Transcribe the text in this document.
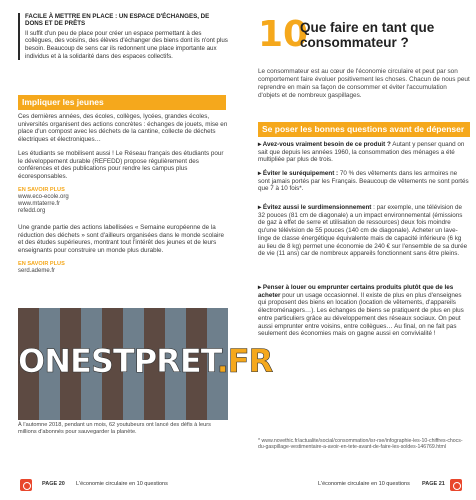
FACILE À METTRE EN PLACE : UN ESPACE D'ÉCHANGES, DE DONS ET DE PRÊTS

Il suffit d'un peu de place pour créer un espace permettant à des collègues, des voisins, des élèves d'échanger des biens dont ils n'ont plus besoin. Beaucoup de sens car ils redonnent une place importante aux individus et à la solidarité dans des espaces collectifs.

Impliquer les jeunes

Ces dernières années, des écoles, collèges, lycées, grandes écoles, universités organisent des actions concrètes : échanges de jouets, mise en place d'un compost avec les déchets de la cantine, collecte de déchets électriques et électroniques…

Les étudiants se mobilisent aussi ! Le Réseau français des étudiants pour le développement durable (REFEDD) propose régulièrement des conférences et des publications pour rendre les campus plus écoresponsables.

EN SAVOIR PLUS
www.eco-ecole.org
www.mtaterre.fr
refedd.org

Une grande partie des actions labellisées « Semaine européenne de la réduction des déchets » sont d'ailleurs organisées dans le monde scolaire et des études supérieures, montrant tout l'intérêt des jeunes et de leurs enseignants pour construire un monde plus durable.

EN SAVOIR PLUS
serd.ademe.fr
ONESTPRET.FR
À l'automne 2018, pendant un mois, 62 youtubeurs ont lancé des défis à leurs millions d'abonnés pour sauvegarder la planète.
PAGE 20 L'économie circulaire en 10 questions
10
Que faire en tant que consommateur ?

Le consommateur est au cœur de l'économie circulaire et peut par son comportement faire évoluer positivement les choses. Chacun de nous peut reprendre en main sa façon de consommer et éviter l'accumulation d'objets et de nombreux gaspillages.

Se poser les bonnes questions avant de dépenser
▸ Avez-vous vraiment besoin de ce produit ? Autant y penser quand on sait que depuis les années 1960, la consommation des ménages a été multipliée par plus de trois.
▸ Éviter le suréquipement : 70 % des vêtements dans les armoires ne sont jamais portés par les Français. Beaucoup de vêtements ne sont portés que 7 à 10 fois*.
▸ Évitez aussi le surdimensionnement : par exemple, une télévision de 32 pouces (81 cm de diagonale) a un impact environnemental (émissions de gaz à effet de serre et utilisation de ressources) deux fois moindre qu'une télévision de 55 pouces (140 cm de diagonale). Acheter un lave-linge de classe énergétique équivalente mais de capacité inférieure (6 kg au lieu de 8 kg) permet une économie de 240 € sur l'ensemble de sa durée de vie (11 ans) car de nombreux appareils fonctionnent sans être pleins.
▸ Penser à louer ou emprunter certains produits plutôt que de les acheter pour un usage occasionnel. Il existe de plus en plus d'enseignes qui proposent des biens en location (location de vêtements, d'appareils électroménagers…). Les échanges de biens se pratiquent de plus en plus entre particuliers grâce au développement des réseaux sociaux. On peut aussi emprunter entre voisins, entre collègues… Au final, on ne fait pas seulement des économies mais on gagne aussi en convivialité !

* www.novethic.fr/actualite/social/consommation/isr-rse/infographie-les-10-chiffres-chocs-du-gaspillage-vestimentaire-a-avoir-en-tete-avant-de-faire-les-soldes-146769.html

L'économie circulaire en 10 questions PAGE 21
